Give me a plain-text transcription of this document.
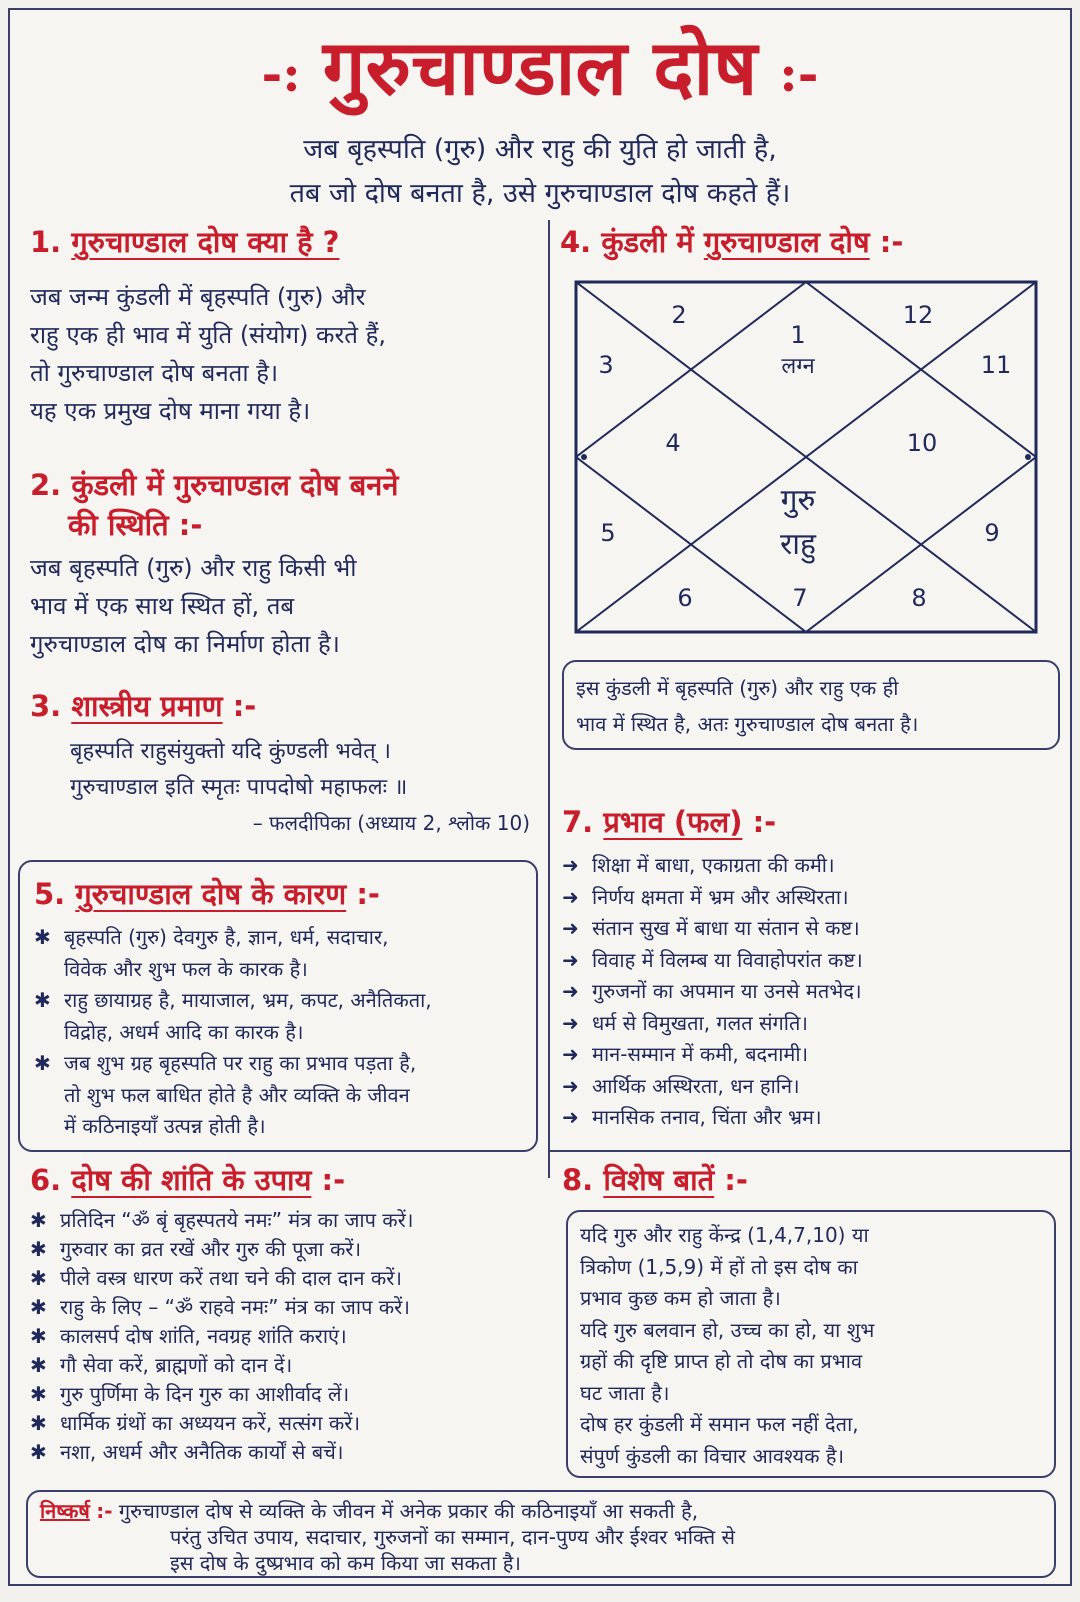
-: गुरुचाण्डाल दोष :-
जब बृहस्पति (गुरु) और राहु की युति हो जाती है,
तब जो दोष बनता है, उसे गुरुचाण्डाल दोष कहते हैं।
1. गुरुचाण्डाल दोष क्या है ?
जब जन्म कुंडली में बृहस्पति (गुरु) और
राहु एक ही भाव में युति (संयोग) करते हैं,
तो गुरुचाण्डाल दोष बनता है।
यह एक प्रमुख दोष माना गया है।
2. कुंडली में गुरुचाण्डाल दोष बनने
की स्थिति :-
जब बृहस्पति (गुरु) और राहु किसी भी
भाव में एक साथ स्थित हों, तब
गुरुचाण्डाल दोष का निर्माण होता है।
3. शास्त्रीय प्रमाण :-
बृहस्पति राहुसंयुक्तो यदि कुंण्डली भवेत् ।
गुरुचाण्डाल इति स्मृतः पापदोषो महाफलः ॥
– फलदीपिका (अध्याय 2, श्लोक 10)
4. कुंडली में गुरुचाण्डाल दोष :-
1
लग्न
2
3
4
5
6	7	8
9
10
11
12
गुरु
राहु
इस कुंडली में बृहस्पति (गुरु) और राहु एक ही
भाव में स्थित है, अतः गुरुचाण्डाल दोष बनता है।
5. गुरुचाण्डाल दोष के कारण :-
✱ बृहस्पति (गुरु) देवगुरु है, ज्ञान, धर्म, सदाचार,
विवेक और शुभ फल के कारक है।
✱ राहु छायाग्रह है, मायाजाल, भ्रम, कपट, अनैतिकता,
विद्रोह, अधर्म आदि का कारक है।
✱ जब शुभ ग्रह बृहस्पति पर राहु का प्रभाव पड़ता है,
तो शुभ फल बाधित होते है और व्यक्ति के जीवन
में कठिनाइयाँ उत्पन्न होती है।
7. प्रभाव (फल) :-
➜ शिक्षा में बाधा, एकाग्रता की कमी।
➜ निर्णय क्षमता में भ्रम और अस्थिरता।
➜ संतान सुख में बाधा या संतान से कष्ट।
➜ विवाह में विलम्ब या विवाहोपरांत कष्ट।
➜ गुरुजनों का अपमान या उनसे मतभेद।
➜ धर्म से विमुखता, गलत संगति।
➜ मान-सम्मान में कमी, बदनामी।
➜ आर्थिक अस्थिरता, धन हानि।
➜ मानसिक तनाव, चिंता और भ्रम।
6. दोष की शांति के उपाय :-
✱ प्रतिदिन “ॐ बृं बृहस्पतये नमः” मंत्र का जाप करें।
✱ गुरुवार का व्रत रखें और गुरु की पूजा करें।
✱ पीले वस्त्र धारण करें तथा चने की दाल दान करें।
✱ राहु के लिए – “ॐ राहवे नमः” मंत्र का जाप करें।
✱ कालसर्प दोष शांति, नवग्रह शांति कराएं।
✱ गौ सेवा करें, ब्राह्मणों को दान दें।
✱ गुरु पुर्णिमा के दिन गुरु का आशीर्वाद लें।
✱ धार्मिक ग्रंथों का अध्ययन करें, सत्संग करें।
✱ नशा, अधर्म और अनैतिक कार्यों से बचें।
8. विशेष बातें :-
यदि गुरु और राहु केंन्द्र (1,4,7,10) या
त्रिकोण (1,5,9) में हों तो इस दोष का
प्रभाव कुछ कम हो जाता है।
यदि गुरु बलवान हो, उच्च का हो, या शुभ
ग्रहों की दृष्टि प्राप्त हो तो दोष का प्रभाव
घट जाता है।
दोष हर कुंडली में समान फल नहीं देता,
संपुर्ण कुंडली का विचार आवश्यक है।
निष्कर्ष :- गुरुचाण्डाल दोष से व्यक्ति के जीवन में अनेक प्रकार की कठिनाइयाँ आ सकती है,
परंतु उचित उपाय, सदाचार, गुरुजनों का सम्मान, दान-पुण्य और ईश्वर भक्ति से
इस दोष के दुष्प्रभाव को कम किया जा सकता है।
